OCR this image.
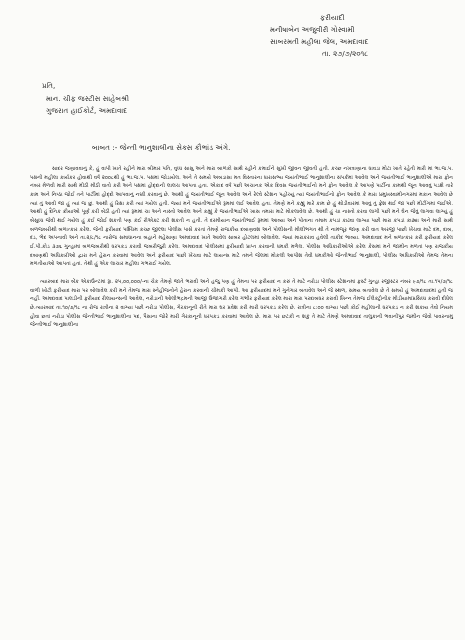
ફરીયાદી
મનીષાબેન અજુવીરી ગોસ્વામી
સાબરમતી મહીલા જેલ, અમદાવાદ
તા. ૨૭/૭/૨૦૧૮
પ્રતિ,
માન. ચીફ જસ્ટીસ સાહેબશ્રી
ગુજરાત હાઈકોર્ટ, અમદાવાદ
બાબત :- જેન્તી ભાનુશાલીના સેક્સ કૌભાંડ અંગે.

સાદર જણાવવાનું કે, હું વાપી ખાતે રહીને મારા બીમાર પતિ, વૃધ્ધ સાસુ અને મારા બાળકો સાથે રહીને કમાઈને સુખી જીવન જીવતી હતી. કચ્છ નખત્રાણાના ધાવડા મોટા ખાતે રહેતી મારી માં ભા.જ.પ. પક્ષની મહીલા કાર્યકર હોવાથી વર્ષ ૨૦૦૮થી હું ભા.જ.પ. પક્ષમાં જોડાયેલ. અને તે સમયે અબડાસા મત વિસ્તારના ધારાસભ્ય જયંતીભાઈ ભાનુશાલીના સંપર્કમાં આવેલ અને જયંતીભાઈ ભાનુશાલીએ મારા ફોન નંબર મેળવી મારી સાથે મીઠી મીઠી વાતો કરી અને પક્ષમાં હોદ્દાની લાલચ આપતા હતા. એકાદ વર્ષ પછી અચાનક એક દિવસ જયંતીભાઈનો મને ફોન આવેલ કે આપણે પાર્ટીના કામથી જૂન આવવું પડશે તારે કામ અને નિષ્ઠા જોઈ તને પાર્ટીમાં હોદ્દો આપવાનું નક્કી કરવાનું છે. આથી હું જયંતીભાઈ જૂન આવેલ અને રેલ્વે સ્ટેશન પહોંચ્યું ત્યાં જયંતીભાઈનો ફોન આવેલ કે મારા પ્રમુખસ્વામીનગરમાં મકાન આવેલ છે ત્યાં તું આવી જા હું ત્યાં જ છું. આથી હું રિક્ષા કરી ત્યાં ગયેલ હતી. જ્યાં મને જયંતીભાઈએ રૂમમાં લઈ આવેલ હતા. તેમણે મને કહ્યું મારે કામ છે હું થોડીવારમાં આવું તું ફ્રેશ થઈ જા પછી મીટીંગમાં જઈએ. આથી હું દૈનિક ક્રીયાઓ પૂર્ણ કરી બેઠી હતી ત્યાં રૂમમાં ચા અને નાસ્તો આવેલ અને કહ્યું કે જયંતીભાઈએ ખાસ તમારા માટે મોકલાવેલ છે. આથી હું ચા નાસ્તો કરવા લાગી પછી મને ઘેન જેવું લાગવા લાગ્યું હું બેસુધ્ધ જેવી થઈ ગયેલ હું કંઈ જોઈ શકતી પણ કંઈ રીએક્ટ કરી શકતી ન હતી. તે દરમીયાન જયંતીભાઈ રૂમમાં આવ્યા અને પોતાના તમામ કપડાં કાઢવા લાગ્યા પછી મારા કપડાં કાઢ્યા અને મારી સાથે બળજબરીથી બળાત્કાર કરેલ. જેની ફરીયાદ પશ્ચિમ કચ્છ જીલ્લા પોલીસ પાસે કરતાં તેમણે રાજકીય દબાણવશ અને પોલીસની મીલીભગત થી તે નામંજૂર જાણ કરી વાત અરજી પાછી ખેંચવા માટે દમ, દાબ, દંડ, ભેદ અપનાવી અને તા.૨/૮/૧૮ નારોજ સમાધાનના બહાને મહેસાણા અમદાવાદ ખાતે આવેલ સાબર હોટલમાં બોલાવેલ. જ્યાં મારાકરાવ હવેલી તાકીદ ભાવ્યા. અમદાવાદ મને બળાત્કાર કરી ફરીયાદ કરેલ ઈ.પી.કોડ ૩૭૬ ગુન્હામાં બળજબરીથી ધરપકડ કરાવી જબરીજુરી કરેલ. અમદાવાદ પોલીસમાં ફરીયાદી પ્રાપ્ત કરવાની ધમકી મળેલ. પોલીસ અધિકારીઓએ કરેલ કેસમાં મને જામીન મળતાં પણ રાજકીય દબાણથી અધિકારીઓ દ્વારા મને હેરાન કરવામાં આવેલ અને ફરીયાદ પાછી ખેંચવા માટે લાયન્સ માટે તમને જેલમાં મોકલી આપીશ તેવી ધમકીઓ જેન્તીભાઈ ભાનુશાલી, પોલીસ અધિકારીઓ તેમજ તેમના મળતીયાઓ આપતાં હતાં. તેથી હું એક લાચાર મહીલા ગભરાઈ ગયેલ.

ત્યારબાદ મારા બેંક એકાઉન્ટમાં રૂા. ૨૫,૦૦,૦૦૦/-ના ચેક તેમણે જાતે ભરાવી અને હજુ પણ હું તેમના પર ફરીયાદ ન કરું તે માટે નરોડા પોલીસ સ્ટેશનમાં ફર્સ્ટ ગુન્હા રજીસ્ટર નંબર ૯૭/૧૮ તા.૧૫/૭/૧૮ વાળી ખોટી ફરીયાદ મારા પર બોલાવેલ કરી મને તેમજ મારા સ્નેહીજનોને હેરાન કરવાની ચીમકી આપી. આ ફરીયાદમાં મને ગુનેગાર બતાવેલ અને જે સ્થળ, સમય બતાવેલ છે તે સમયે હું અમદાવાદમાં હતી જ નહીં. અમદાવાદ પાલડીની ફરીયાદ રીલાયન્સની આવેલ, નરોડાની ઓલીભદ્રમની આજી ઉજાગરી કરેલ ગંભીર ફરીયાદ કરેલ મારા મારા પરદાબધર કરાવી ખિન્ન તેમજ ઈલેક્ટ્રોનીક મીડીયામાંપ્રસિધ્ધ કરાવી દીધેલ છે.ત્યારબાદ તા.૧૦/૭/૧૮ ના રોજ રાત્રીના ૨ વાગ્યા પછી નરોડા પોલીસ, ગેરકાનૂની રીતે મારા ઘર પ્રવેશ કરી મારી ધરપકડ કરેલ છે. રાત્રીના ૮:૦૦ વાગ્યા પછી કોઈ મહીલાની ધરપકડ ન કરી શકાય તેવો નિયમ હોવા છતાં નરોડા પોલીસ જેન્તીભાઈ ભાનુશાલીના પદ, પૈસાના જોરે મારી ગેરકાનૂની ધરપકડ કરવામાં આવેલ છે. મારા પર છટકી ન શકું તે માટે તેમણે અમદાવાદ તાલુકાની ભવાનીપુર જમીન જેવો પાવરનામું જેન્તીભાઈ ભાનુશાલીના
